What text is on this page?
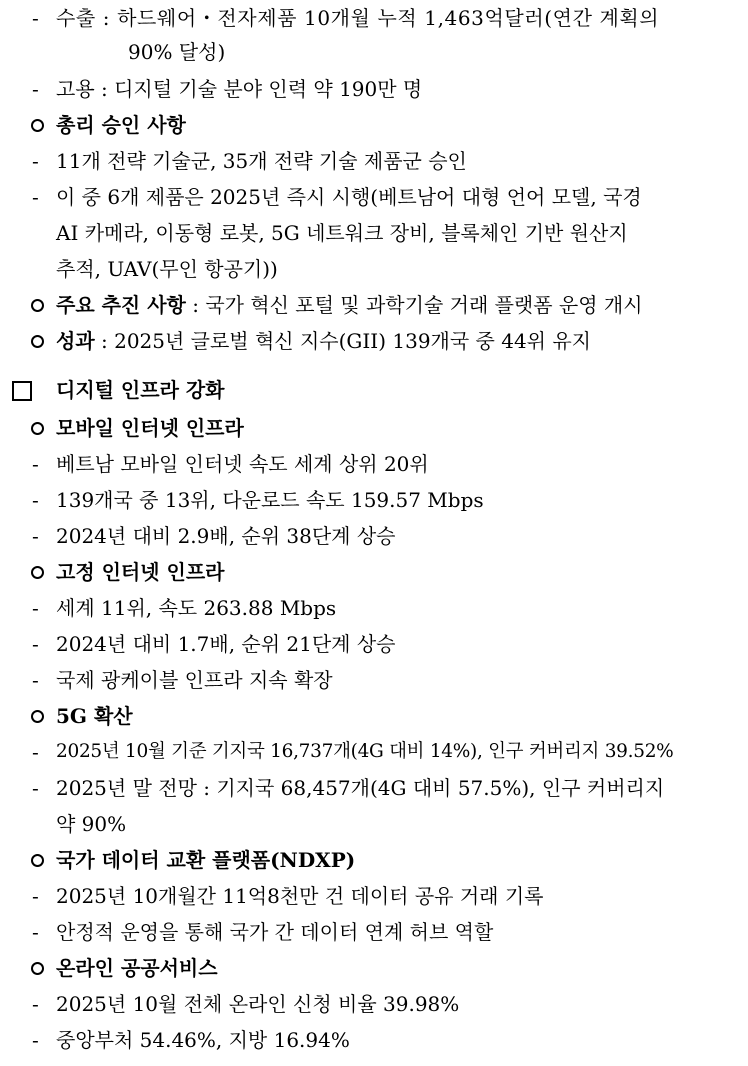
- 수출 : 하드웨어・전자제품 10개월 누적 1,463억달러(연간 계획의
90% 달성)
- 고용 : 디지털 기술 분야 인력 약 190만 명
총리 승인 사항
- 11개 전략 기술군, 35개 전략 기술 제품군 승인
- 이 중 6개 제품은 2025년 즉시 시행(베트남어 대형 언어 모델, 국경
AI 카메라, 이동형 로봇, 5G 네트워크 장비, 블록체인 기반 원산지
추적, UAV(무인 항공기))
주요 추진 사항 : 국가 혁신 포털 및 과학기술 거래 플랫폼 운영 개시
성과 : 2025년 글로벌 혁신 지수(GII) 139개국 중 44위 유지
디지털 인프라 강화
모바일 인터넷 인프라
- 베트남 모바일 인터넷 속도 세계 상위 20위
- 139개국 중 13위, 다운로드 속도 159.57 Mbps
- 2024년 대비 2.9배, 순위 38단계 상승
고정 인터넷 인프라
- 세계 11위, 속도 263.88 Mbps
- 2024년 대비 1.7배, 순위 21단계 상승
- 국제 광케이블 인프라 지속 확장
5G 확산
- 2025년 10월 기준 기지국 16,737개(4G 대비 14%), 인구 커버리지 39.52%
- 2025년 말 전망 : 기지국 68,457개(4G 대비 57.5%), 인구 커버리지
약 90%
국가 데이터 교환 플랫폼(NDXP)
- 2025년 10개월간 11억8천만 건 데이터 공유 거래 기록
- 안정적 운영을 통해 국가 간 데이터 연계 허브 역할
온라인 공공서비스
- 2025년 10월 전체 온라인 신청 비율 39.98%
- 중앙부처 54.46%, 지방 16.94%
